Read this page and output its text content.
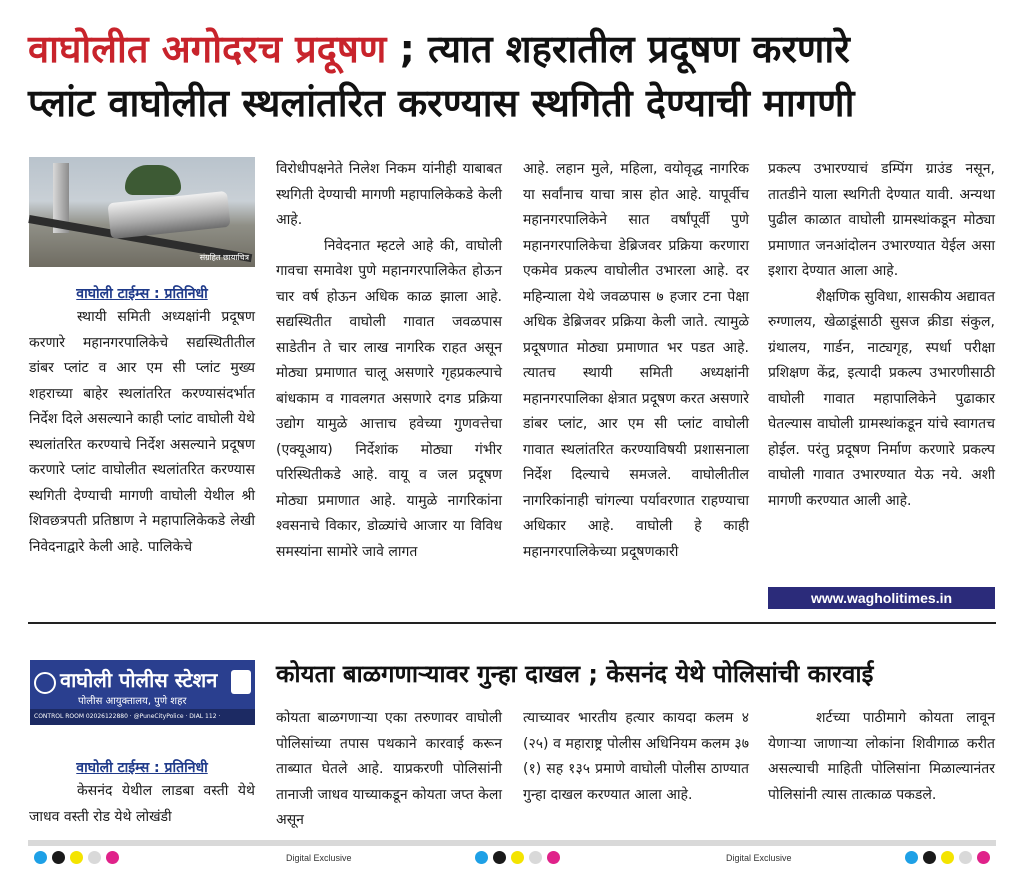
वाघोलीत अगोदरच प्रदूषण ; त्यात शहरातील प्रदूषण करणारे
प्लांट वाघोलीत स्थलांतरित करण्यास स्थगिती देण्याची मागणी
संग्रहित छायाचित्र
वाघोली टाईम्स : प्रतिनिधी

स्थायी समिती अध्यक्षांनी प्रदूषण करणारे महानगरपालिकेचे सद्यस्थितीतील डांबर प्लांट व आर एम सी प्लांट मुख्य शहराच्या बाहेर स्थलांतरित करण्यासंदर्भात निर्देश दिले असल्याने काही प्लांट वाघोली येथे स्थलांतरित करण्याचे निर्देश असल्याने प्रदूषण करणारे प्लांट वाघोलीत स्थलांतरित करण्यास स्थगिती देण्याची मागणी वाघोली येथील श्री शिवछत्रपती प्रतिष्ठाण ने महापालिकेकडे लेखी निवेदनाद्वारे केली आहे. पालिकेचे

विरोधीपक्षनेते निलेश निकम यांनीही याबाबत स्थगिती देण्याची मागणी महापालिकेकडे केली आहे.

निवेदनात म्हटले आहे की, वाघोली गावचा समावेश पुणे महानगरपालिकेत होऊन चार वर्ष होऊन अधिक काळ झाला आहे. सद्यस्थितीत वाघोली गावात जवळपास साडेतीन ते चार लाख नागरिक राहत असून मोठ्या प्रमाणात चालू असणारे गृहप्रकल्पाचे बांधकाम व गावलगत असणारे दगड प्रक्रिया उद्योग यामुळे आत्ताच हवेच्या गुणवत्तेचा (एक्यूआय) निर्देशांक मोठ्या गंभीर परिस्थितीकडे आहे. वायू व जल प्रदूषण मोठ्या प्रमाणात आहे. यामुळे नागरिकांना श्वसनाचे विकार, डोळ्यांचे आजार या विविध समस्यांना सामोरे जावे लागत

आहे. लहान मुले, महिला, वयोवृद्ध नागरिक या सर्वांनाच याचा त्रास होत आहे. यापूर्वीच महानगरपालिकेने सात वर्षांपूर्वी पुणे महानगरपालिकेचा डेब्रिजवर प्रक्रिया करणारा एकमेव प्रकल्प वाघोलीत उभारला आहे. दर महिन्याला येथे जवळपास ७ हजार टना पेक्षा अधिक डेब्रिजवर प्रक्रिया केली जाते. त्यामुळे प्रदूषणात मोठ्या प्रमाणात भर पडत आहे. त्यातच स्थायी समिती अध्यक्षांनी महानगरपालिका क्षेत्रात प्रदूषण करत असणारे डांबर प्लांट, आर एम सी प्लांट वाघोली गावात स्थलांतरित करण्याविषयी प्रशासनाला निर्देश दिल्याचे समजले. वाघोलीतील नागरिकांनाही चांगल्या पर्यावरणात राहण्याचा अधिकार आहे. वाघोली हे काही महानगरपालिकेच्या प्रदूषणकारी

प्रकल्प उभारण्याचं डम्पिंग ग्राउंड नसून, तातडीने याला स्थगिती देण्यात यावी. अन्यथा पुढील काळात वाघोली ग्रामस्थांकडून मोठ्या प्रमाणात जनआंदोलन उभारण्यात येईल असा इशारा देण्यात आला आहे.

शैक्षणिक सुविधा, शासकीय अद्यावत रुग्णालय, खेळाडूंसाठी सुसज क्रीडा संकुल, ग्रंथालय, गार्डन, नाट्यगृह, स्पर्धा परीक्षा प्रशिक्षण केंद्र, इत्यादी प्रकल्प उभारणीसाठी वाघोली गावात महापालिकेने पुढाकार घेतल्यास वाघोली ग्रामस्थांकडून यांचे स्वागतच होईल. परंतु प्रदूषण निर्माण करणारे प्रकल्प वाघोली गावात उभारण्यात येऊ नये. अशी मागणी करण्यात आली आहे.

www.wagholitimes.in
वाघोली पोलीस स्टेशन
पोलीस आयुक्तालय, पुणे शहर
CONTROL ROOM 02026122880 · @PuneCityPolice · DIAL 112 · @PunePoliceCity
कोयता बाळगणाऱ्यावर गुन्हा दाखल ; केसनंद येथे पोलिसांची कारवाई
वाघोली टाईम्स : प्रतिनिधी

केसनंद येथील लाडबा वस्ती येथे जाधव वस्ती रोड येथे लोखंडी

कोयता बाळगणाऱ्या एका तरुणावर वाघोली पोलिसांच्या तपास पथकाने कारवाई करून ताब्यात घेतले आहे. याप्रकरणी पोलिसांनी तानाजी जाधव याच्याकडून कोयता जप्त केला असून

त्याच्यावर भारतीय हत्यार कायदा कलम ४ (२५) व महाराष्ट्र पोलीस अधिनियम कलम ३७ (१) सह १३५ प्रमाणे वाघोली पोलीस ठाण्यात गुन्हा दाखल करण्यात आला आहे.

शर्टच्या पाठीमागे कोयता लावून येणाऱ्या जाणाऱ्या लोकांना शिवीगाळ करीत असल्याची माहिती पोलिसांना मिळाल्यानंतर पोलिसांनी त्यास तात्काळ पकडले.

Digital Exclusive	Digital Exclusive
